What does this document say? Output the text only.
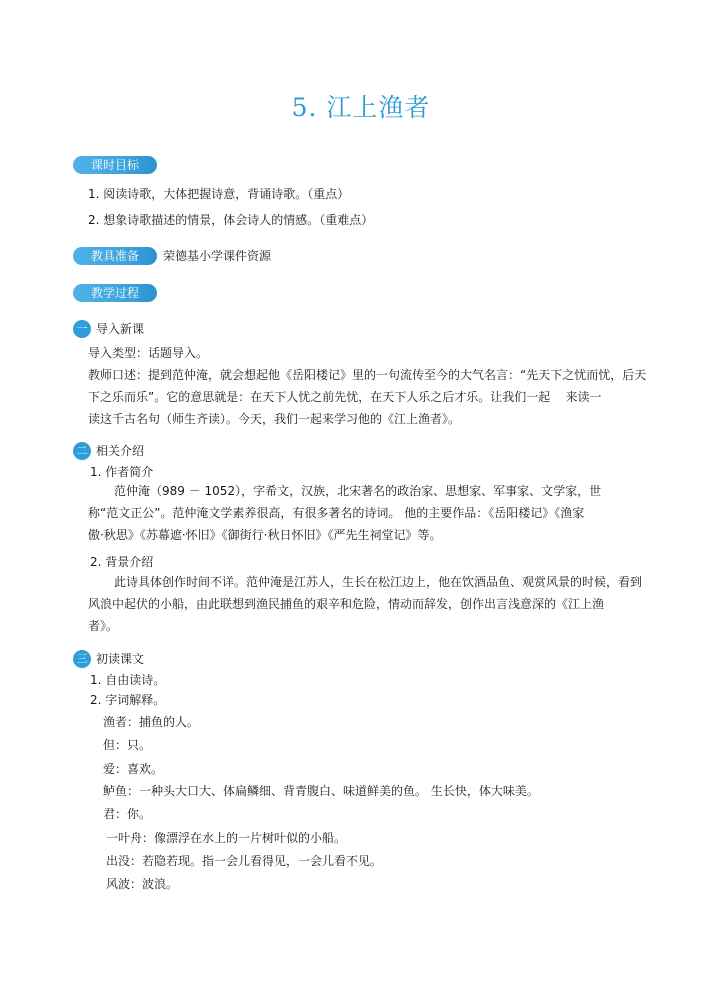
5. 江上渔者
课时目标
1. 阅读诗歌，大体把握诗意，背诵诗歌。（重点）
2. 想象诗歌描述的情景，体会诗人的情感。（重难点）
教具准备	荣德基小学课件资源
教学过程
一 导入新课
导入类型：话题导入。
教师口述：提到范仲淹，就会想起他《岳阳楼记》里的一句流传至今的大气名言：“先天下之忧而忧，后天
下之乐而乐”。它的意思就是：在天下人忧之前先忧，在天下人乐之后才乐。让我们一起    来读一
读这千古名句（师生齐读）。今天，我们一起来学习他的《江上渔者》。
二 相关介绍
1. 作者简介
范仲淹（989 － 1052），字希文，汉族，北宋著名的政治家、思想家、军事家、文学家，世
称“范文正公”。范仲淹文学素养很高，有很多著名的诗词。 他的主要作品：《岳阳楼记》《渔家
傲·秋思》《苏幕遮·怀旧》《御街行·秋日怀旧》《严先生祠堂记》等。
2. 背景介绍
此诗具体创作时间不详。范仲淹是江苏人，生长在松江边上，他在饮酒品鱼、观赏风景的时候，看到
风浪中起伏的小船，由此联想到渔民捕鱼的艰辛和危险，情动而辞发，创作出言浅意深的《江上渔
者》。
三 初读课文
1. 自由读诗。
2. 字词解释。
渔者：捕鱼的人。
但：只。
爱：喜欢。
鲈鱼：一种头大口大、体扁鳞细、背青腹白、味道鲜美的鱼。 生长快，体大味美。
君：你。
一叶舟：像漂浮在水上的一片树叶似的小船。
出没：若隐若现。指一会儿看得见，一会儿看不见。
风波：波浪。
